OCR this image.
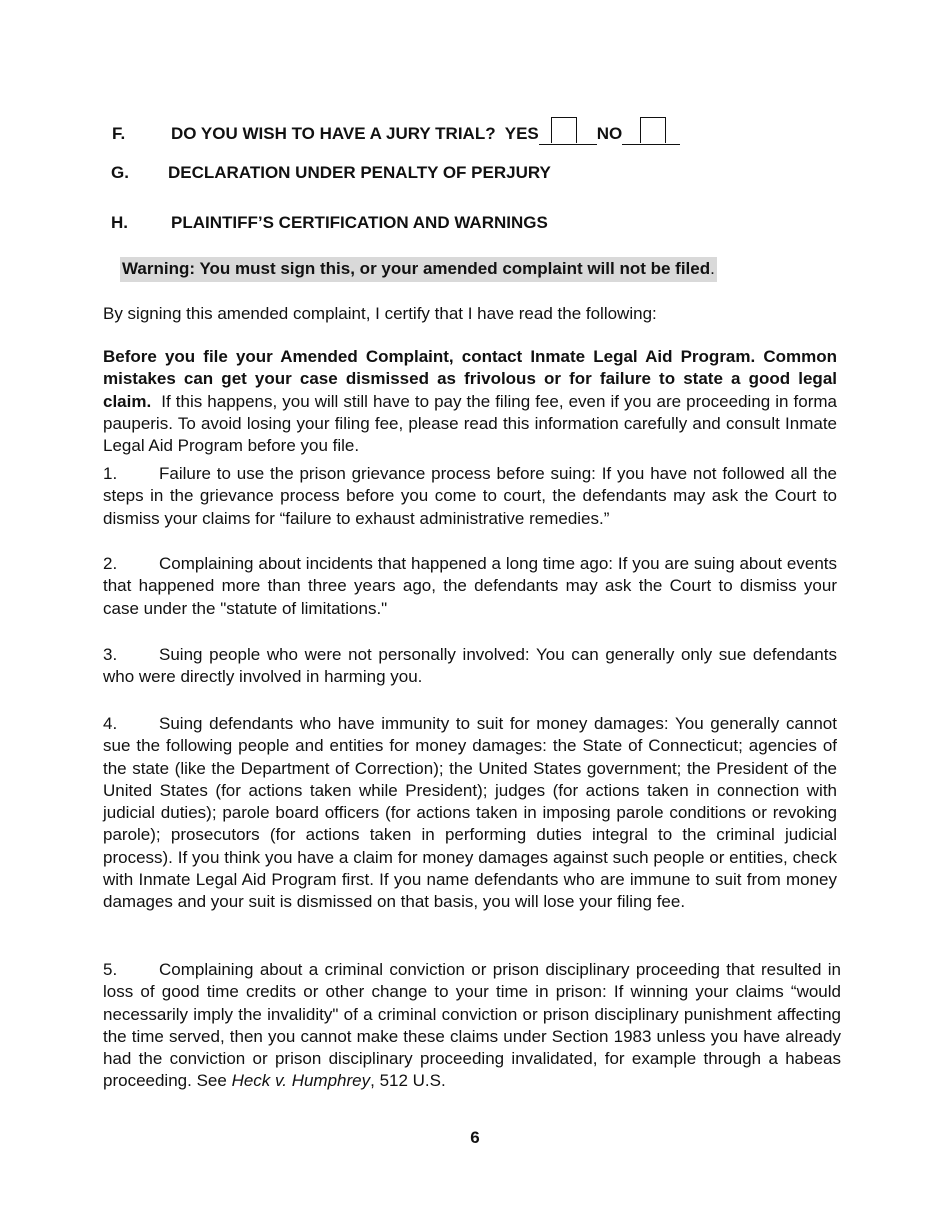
F.	DO YOU WISH TO HAVE A JURY TRIAL? YES	NO
G. DECLARATION UNDER PENALTY OF PERJURY
H.	PLAINTIFF’S CERTIFICATION AND WARNINGS
Warning: You must sign this, or your amended complaint will not be filed.

By signing this amended complaint, I certify that I have read the following:

Before you file your Amended Complaint, contact Inmate Legal Aid Program. Common mistakes can get your case dismissed as frivolous or for failure to state a good legal claim. If this happens, you will still have to pay the filing fee, even if you are proceeding in forma pauperis. To avoid losing your filing fee, please read this information carefully and consult Inmate Legal Aid Program before you file.

1. Failure to use the prison grievance process before suing: If you have not followed all the steps in the grievance process before you come to court, the defendants may ask the Court to dismiss your claims for “failure to exhaust administrative remedies.”

2. Complaining about incidents that happened a long time ago: If you are suing about events that happened more than three years ago, the defendants may ask the Court to dismiss your case under the "statute of limitations."

3. Suing people who were not personally involved: You can generally only sue defendants who were directly involved in harming you.

4. Suing defendants who have immunity to suit for money damages: You generally cannot sue the following people and entities for money damages: the State of Connecticut; agencies of the state (like the Department of Correction); the United States government; the President of the United States (for actions taken while President); judges (for actions taken in connection with judicial duties); parole board officers (for actions taken in imposing parole conditions or revoking parole); prosecutors (for actions taken in performing duties integral to the criminal judicial process). If you think you have a claim for money damages against such people or entities, check with Inmate Legal Aid Program first. If you name defendants who are immune to suit from money damages and your suit is dismissed on that basis, you will lose your filing fee.

5. Complaining about a criminal conviction or prison disciplinary proceeding that resulted in loss of good time credits or other change to your time in prison: If winning your claims “would necessarily imply the invalidity" of a criminal conviction or prison disciplinary punishment affecting the time served, then you cannot make these claims under Section 1983 unless you have already had the conviction or prison disciplinary proceeding invalidated, for example through a habeas proceeding. See Heck v. Humphrey, 512 U.S.

6
